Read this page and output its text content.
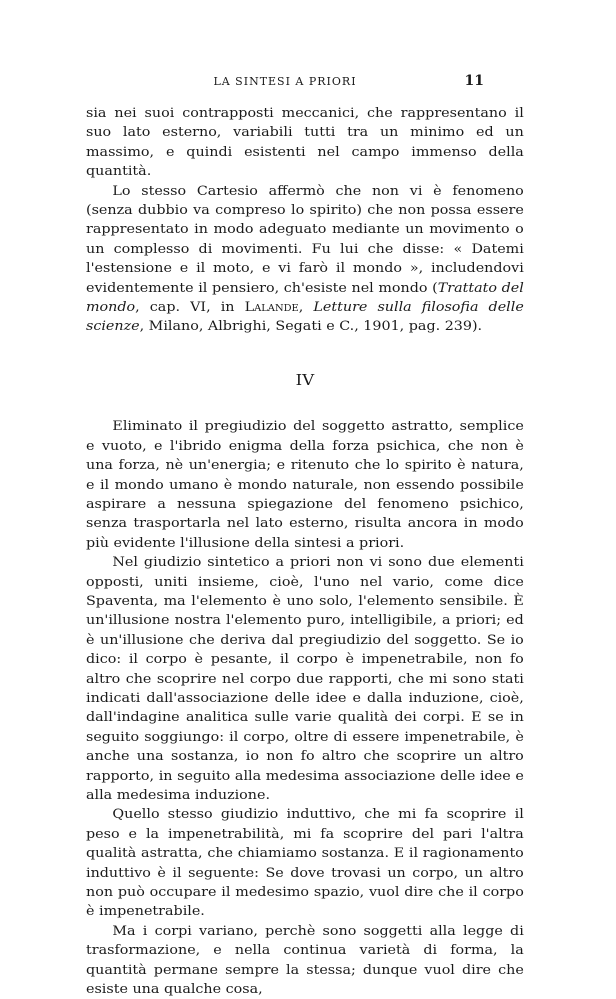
LA SINTESI A PRIORI	11

sia nei suoi contrapposti meccanici, che rappresentano il suo lato esterno, variabili tutti tra un minimo ed un massimo, e quindi esistenti nel campo immenso della quantità.

Lo stesso Cartesio affermò che non vi è fenomeno (senza dubbio va compreso lo spirito) che non possa essere rappresentato in modo adeguato mediante un movimento o un complesso di movimenti. Fu lui che disse: « Datemi l'estensione e il moto, e vi farò il mondo », includendovi evidentemente il pensiero, ch'esiste nel mondo (Trattato del mondo, cap. VI, in Lalande, Letture sulla filosofia delle scienze, Milano, Albrighi, Segati e C., 1901, pag. 239).

IV

Eliminato il pregiudizio del soggetto astratto, semplice e vuoto, e l'ibrido enigma della forza psichica, che non è una forza, nè un'energia; e ritenuto che lo spirito è natura, e il mondo umano è mondo naturale, non essendo possibile aspirare a nessuna spiegazione del fenomeno psichico, senza trasportarla nel lato esterno, risulta ancora in modo più evidente l'illusione della sintesi a priori.

Nel giudizio sintetico a priori non vi sono due elementi opposti, uniti insieme, cioè, l'uno nel vario, come dice Spaventa, ma l'elemento è uno solo, l'elemento sensibile. È un'illusione nostra l'elemento puro, intelligibile, a priori; ed è un'illusione che deriva dal pregiudizio del soggetto. Se io dico: il corpo è pesante, il corpo è impenetrabile, non fo altro che scoprire nel corpo due rapporti, che mi sono stati indicati dall'associazione delle idee e dalla induzione, cioè, dall'indagine analitica sulle varie qualità dei corpi. E se in seguito soggiungo: il corpo, oltre di essere impenetrabile, è anche una sostanza, io non fo altro che scoprire un altro rapporto, in seguito alla medesima associazione delle idee e alla medesima induzione.

Quello stesso giudizio induttivo, che mi fa scoprire il peso e la impenetrabilità, mi fa scoprire del pari l'altra qualità astratta, che chiamiamo sostanza. E il ragionamento induttivo è il seguente: Se dove trovasi un corpo, un altro non può occupare il medesimo spazio, vuol dire che il corpo è impenetrabile.

Ma i corpi variano, perchè sono soggetti alla legge di trasformazione, e nella continua varietà di forma, la quantità permane sempre la stessa; dunque vuol dire che esiste una qualche cosa,
